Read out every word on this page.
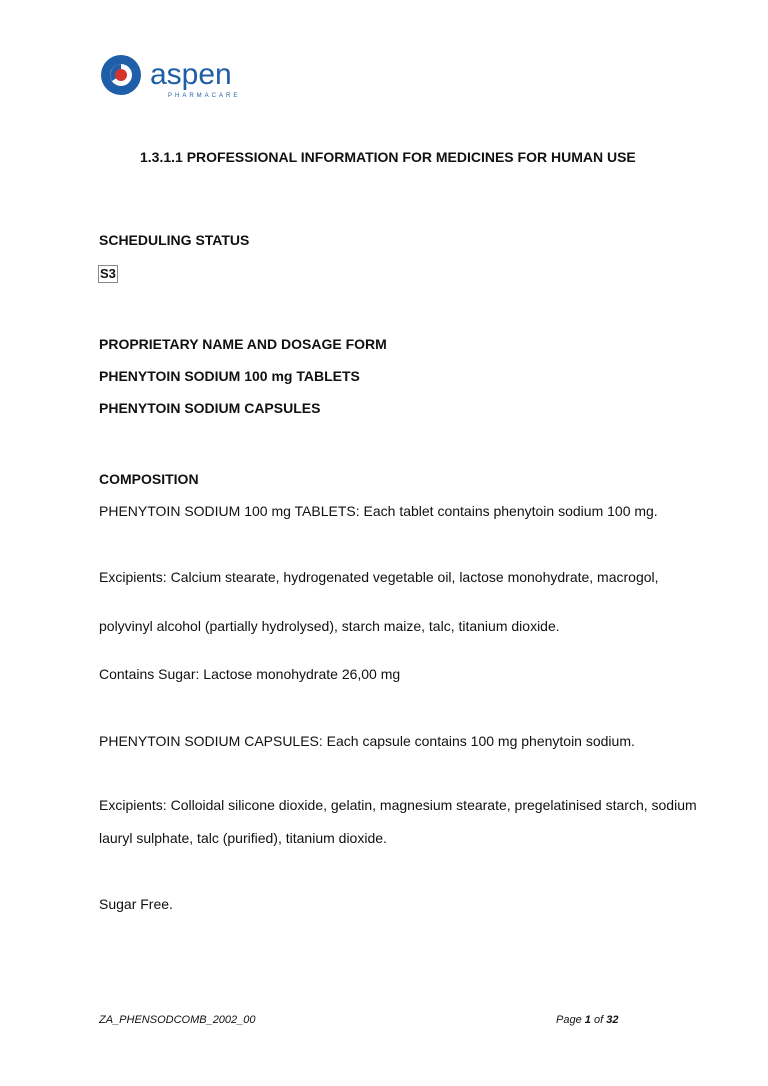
aspen
PHARMACARE
1.3.1.1 PROFESSIONAL INFORMATION FOR MEDICINES FOR HUMAN USE
SCHEDULING STATUS
S3
PROPRIETARY NAME AND DOSAGE FORM
PHENYTOIN SODIUM 100 mg TABLETS
PHENYTOIN SODIUM CAPSULES
COMPOSITION
PHENYTOIN SODIUM 100 mg TABLETS: Each tablet contains phenytoin sodium 100 mg.
Excipients: Calcium stearate, hydrogenated vegetable oil, lactose monohydrate, macrogol,
polyvinyl alcohol (partially hydrolysed), starch maize, talc, titanium dioxide.
Contains Sugar: Lactose monohydrate 26,00 mg
PHENYTOIN SODIUM CAPSULES: Each capsule contains 100 mg phenytoin sodium.
Excipients: Colloidal silicone dioxide, gelatin, magnesium stearate, pregelatinised starch, sodium
lauryl sulphate, talc (purified), titanium dioxide.
Sugar Free.
ZA_PHENSODCOMB_2002_00	Page 1 of 32
